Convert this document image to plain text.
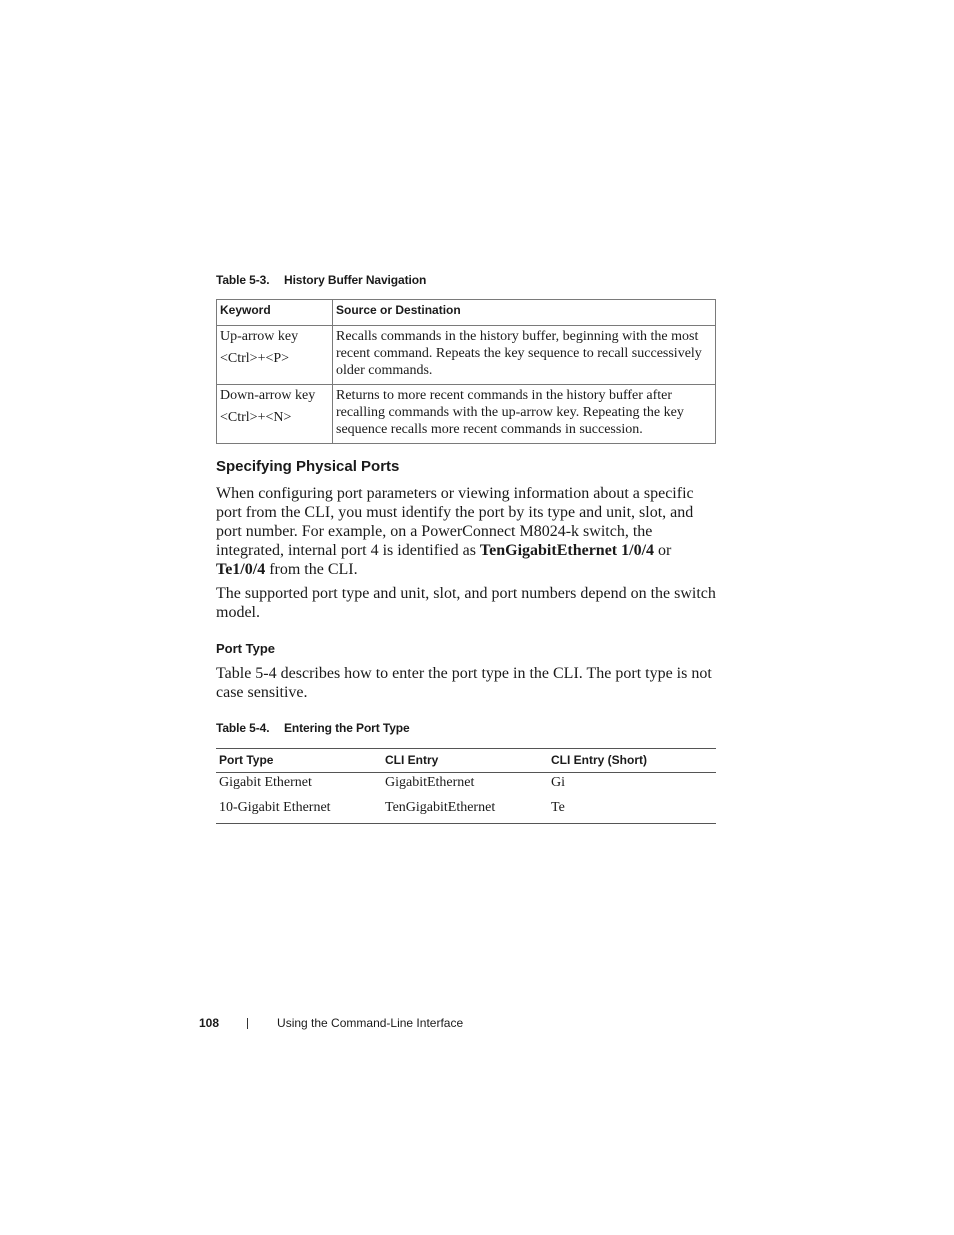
Table 5-3. History Buffer Navigation
Keyword	Source or Destination
Up-arrow key
<Ctrl>+<P>	Recalls commands in the history buffer, beginning with the most recent command. Repeats the key sequence to recall successively older commands.
Down-arrow key
<Ctrl>+<N>	Returns to more recent commands in the history buffer after recalling commands with the up-arrow key. Repeating the key sequence recalls more recent commands in succession.
Specifying Physical Ports

When configuring port parameters or viewing information about a specific port from the CLI, you must identify the port by its type and unit, slot, and port number. For example, on a PowerConnect M8024-k switch, the integrated, internal port 4 is identified as TenGigabitEthernet 1/0/4 or Te1/0/4 from the CLI.

The supported port type and unit, slot, and port numbers depend on the switch model.

Port Type

Table 5-4 describes how to enter the port type in the CLI. The port type is not case sensitive.

Table 5-4. Entering the Port Type
Port Type	CLI Entry	CLI Entry (Short)
Gigabit Ethernet	GigabitEthernet	Gi
10-Gigabit Ethernet	TenGigabitEthernet	Te
108	Using the Command-Line Interface
